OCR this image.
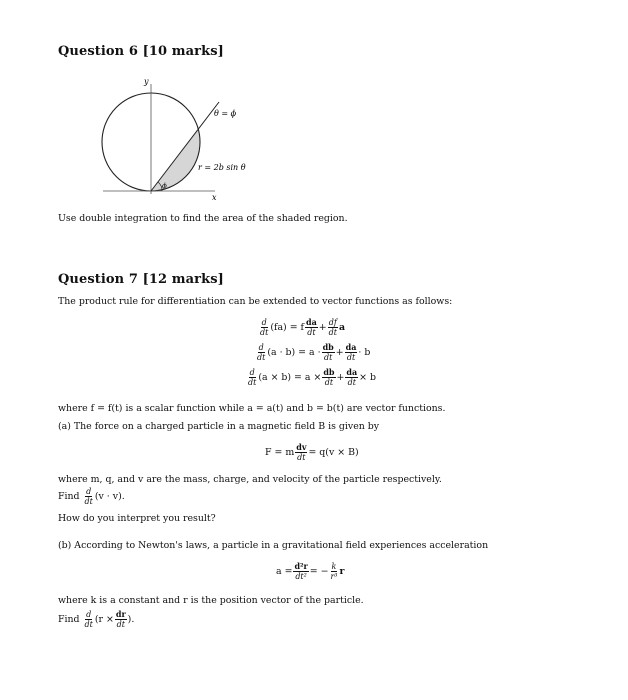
Question 6 [10 marks]
y
x
θ = ϕ
r = 2b sin θ
ϕ
Use double integration to find the area of the shaded region.
Question 7 [12 marks]
The product rule for differentiation can be extended to vector functions as follows:
$\frac{d}{dt} (fa) = f \frac{da}{dt} + \frac{df}{dt}$ a
$\frac{d}{dt} (a \cdot b) = a \cdot \frac{db}{dt} + \frac{da}{dt} \cdot b$
$\frac{d}{dt} (a \times b) = a \times \frac{db}{dt} + \frac{da}{dt} \times b$
where f = f(t) is a scalar function while a = a(t) and b = b(t) are vector functions.
(a) The force on a charged particle in a magnetic field B is given by
F = m $\frac{dv}{dt} = q(v \times B)$
where m, q, and v are the mass, charge, and velocity of the particle respectively.
Find
$\frac{d}{dt} (v \cdot v)$.
How do you interpret you result?
(b) According to Newton's laws, a particle in a gravitational field experiences acceleration
$a = \frac{\text{d²r}}{\text{dt²}}$ = − $\frac{k}{\text{r³}}$ r
where k is a constant and r is the position vector of the particle.
Find
$\frac{d}{dt} (r \times \frac{dr}{dt}$ ).
